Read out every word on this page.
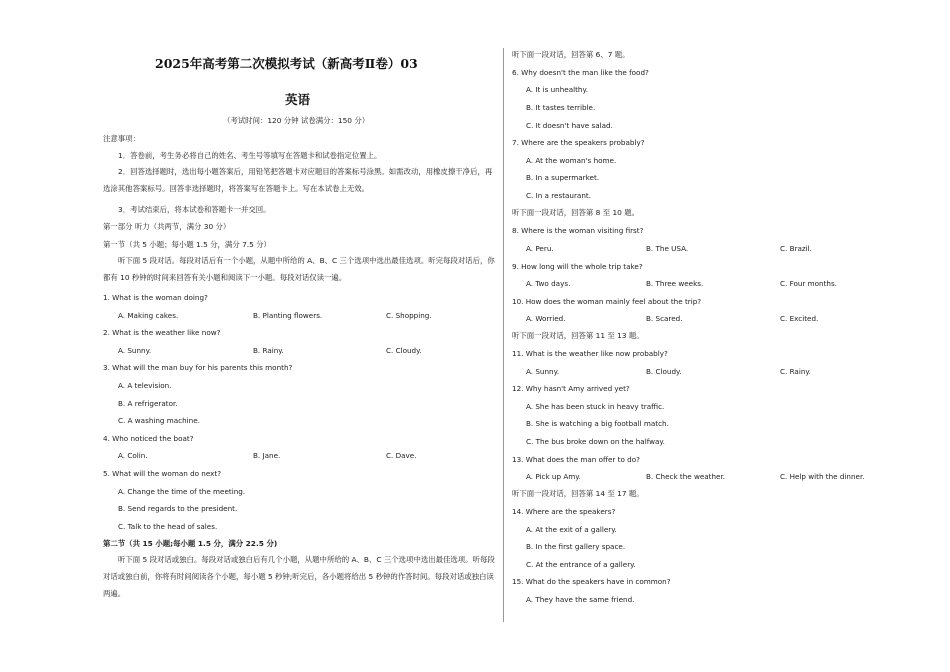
2025年高考第二次模拟考试（新高考Ⅱ卷）03
英语
（考试时间：120 分钟 试卷满分：150 分）
注意事项：
1．答卷前，考生务必将自己的姓名、考生号等填写在答题卡和试卷指定位置上。
2．回答选择题时，选出每小题答案后，用铅笔把答题卡对应题目的答案标号涂黑。如需改动，用橡皮擦干净后，再选涂其他答案标号。回答非选择题时，将答案写在答题卡上。写在本试卷上无效。
3．考试结束后，将本试卷和答题卡一并交回。
第一部分 听力（共两节，满分 30 分）
第一节（共 5 小题；每小题 1.5 分，满分 7.5 分）
听下面 5 段对话。每段对话后有一个小题，从题中所给的 A、B、C 三个选项中选出最佳选项。听完每段对话后，你都有 10 秒钟的时间来回答有关小题和阅读下一小题。每段对话仅读一遍。
1. What is the woman doing?
A. Making cakes.	B. Planting flowers.	C. Shopping.
2. What is the weather like now?
A. Sunny.	B. Rainy.	C. Cloudy.
3. What will the man buy for his parents this month?
A. A television.
B. A refrigerator.
C. A washing machine.
4. Who noticed the boat?
A. Colin.	B. Jane.	C. Dave.
5. What will the woman do next?
A. Change the time of the meeting.
B. Send regards to the president.
C. Talk to the head of sales.
第二节（共 15 小题;每小题 1.5 分，满分 22.5 分)
听下面 5 段对话或独白。每段对话或独白后有几个小题，从题中所给的 A、B、C 三个选项中选出最佳选项。听每段对话或独白前，你将有时间阅读各个小题，每小题 5 秒钟;听完后，各小题将给出 5 秒钟的作答时间。每段对话或独白读两遍。
听下面一段对话，回答第 6、7 题。
6. Why doesn't the man like the food?
A. It is unhealthy.
B. It tastes terrible.
C. It doesn't have salad.
7. Where are the speakers probably?
A. At the woman's home.
B. In a supermarket.
C. In a restaurant.
听下面一段对话，回答第 8 至 10 题。
8. Where is the woman visiting first?
A. Peru.	B. The USA.	C. Brazil.
9. How long will the whole trip take?
A. Two days.	B. Three weeks.	C. Four months.
10. How does the woman mainly feel about the trip?
A. Worried.	B. Scared.	C. Excited.
听下面一段对话，回答第 11 至 13 题。
11. What is the weather like now probably?
A. Sunny.	B. Cloudy.	C. Rainy.
12. Why hasn't Amy arrived yet?
A. She has been stuck in heavy traffic.
B. She is watching a big football match.
C. The bus broke down on the halfway.
13. What does the man offer to do?
A. Pick up Amy.	B. Check the weather.	C. Help with the dinner.
听下面一段对话，回答第 14 至 17 题。
14. Where are the speakers?
A. At the exit of a gallery.
B. In the first gallery space.
C. At the entrance of a gallery.
15. What do the speakers have in common?
A. They have the same friend.
